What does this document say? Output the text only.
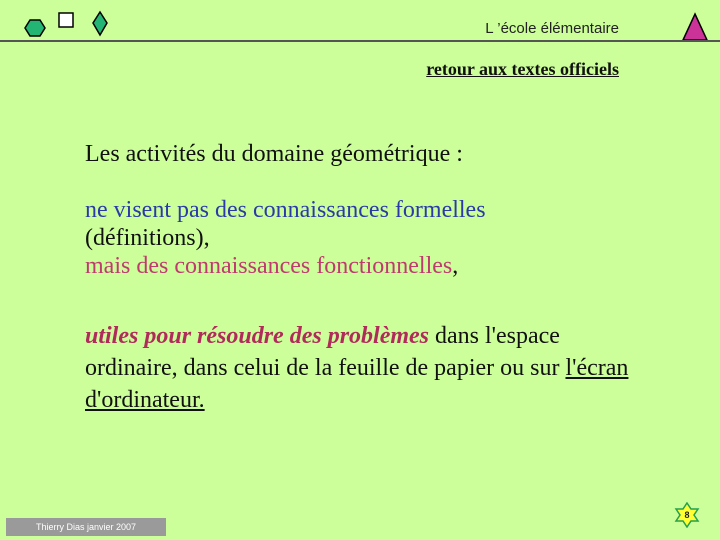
L ’école élémentaire
retour aux textes officiels

Les activités du domaine géométrique :

ne visent pas des connaissances formelles
(définitions),
mais des connaissances fonctionnelles,
utiles pour résoudre des problèmes dans l'espace ordinaire, dans celui de la feuille de papier ou sur l'écran d'ordinateur.
Thierry Dias janvier 2007
8
